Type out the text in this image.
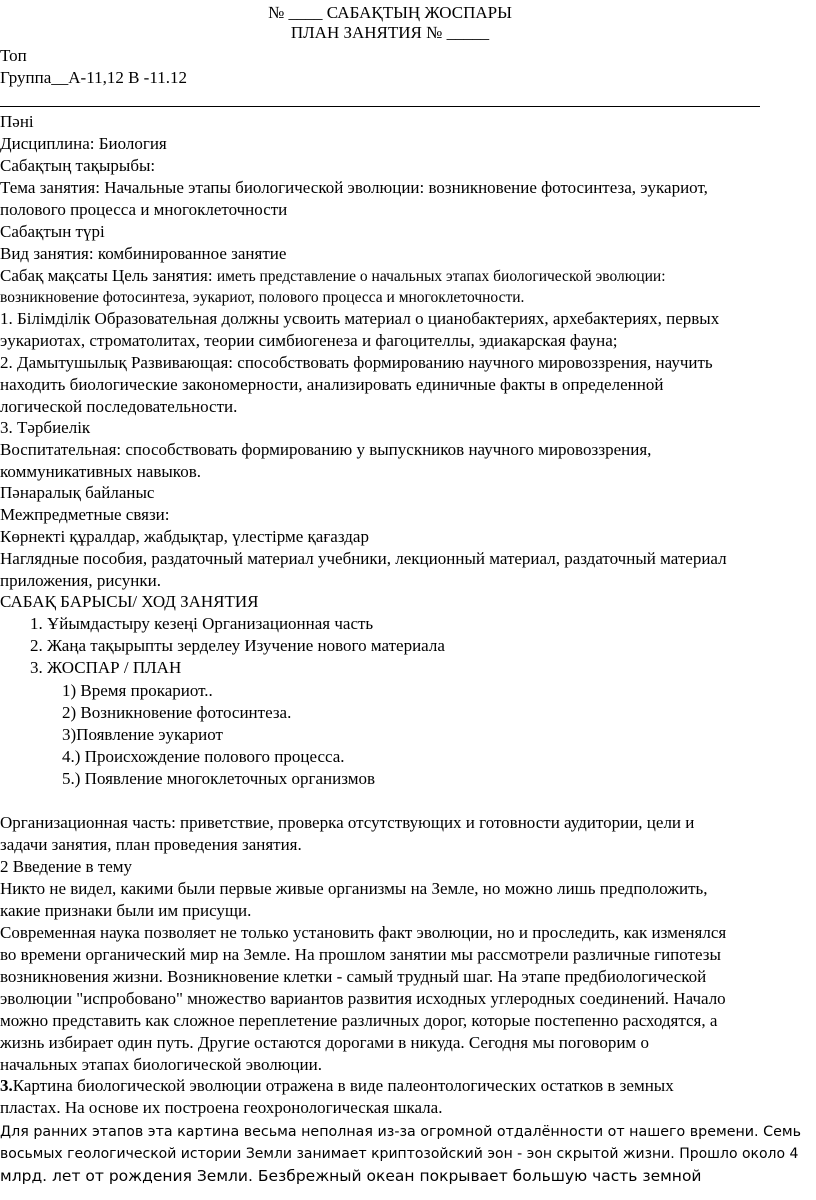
№ ____ САБАҚТЫҢ ЖОСПАРЫ
ПЛАН ЗАНЯТИЯ № _____
Топ
Группа__А-11,12 В -11.12
Пәні
Дисциплина: Биология
Сабақтың тақырыбы:
Тема занятия: Начальные этапы биологической эволюции: возникновение фотосинтеза, эукариот,
полового процесса и многоклеточности
Сабақтын түрі
Вид занятия: комбинированное занятие
Сабақ мақсаты Цель занятия: иметь представление о начальных этапах биологической эволюции:
возникновение фотосинтеза, эукариот, полового процесса и многоклеточности.
1. Білімділік Образовательная должны усвоить материал о цианобактериях, архебактериях, первых
эукариотах, строматолитах, теории симбиогенеза и фагоцителлы, эдиакарская фауна;
2. Дамытушылық Развивающая: способствовать формированию научного мировоззрения, научить
находить биологические закономерности, анализировать единичные факты в определенной
логической последовательности.
3. Тәрбиелік
Воспитательная: способствовать формированию у выпускников научного мировоззрения,
коммуникативных навыков.
Пәнаралық байланыс
Межпредметные связи:
Көрнекті құралдар, жабдықтар, үлестірме қағаздар
Наглядные пособия, раздаточный материал учебники, лекционный материал, раздаточный материал
приложения, рисунки.
САБАҚ БАРЫСЫ/ ХОД ЗАНЯТИЯ
1. Ұйымдастыру кезеңі Организационная часть
2. Жаңа тақырыпты зерделеу Изучение нового материала
3. ЖОСПАР / ПЛАН
1) Время прокариот..
2) Возникновение фотосинтеза.
3)Появление эукариот
4.) Происхождение полового процесса.
5.) Появление многоклеточных организмов
Организационная часть: приветствие, проверка отсутствующих и готовности аудитории, цели и
задачи занятия, план проведения занятия.
2 Введение в тему
Никто не видел, какими были первые живые организмы на Земле, но можно лишь предположить,
какие признаки были им присущи.
Современная наука позволяет не только установить факт эволюции, но и проследить, как изменялся
во времени органический мир на Земле. На прошлом занятии мы рассмотрели различные гипотезы
возникновения жизни. Возникновение клетки - самый трудный шаг. На этапе предбиологической
эволюции "испробовано" множество вариантов развития исходных углеродных соединений. Начало
можно представить как сложное переплетение различных дорог, которые постепенно расходятся, а
жизнь избирает один путь. Другие остаются дорогами в никуда. Сегодня мы поговорим о
начальных этапах биологической эволюции.
3.Картина биологической эволюции отражена в виде палеонтологических остатков в земных
пластах. На основе их построена геохронологическая шкала.
Для ранних этапов эта картина весьма неполная из-за огромной отдалённости от нашего времени. Семь
восьмых геологической истории Земли занимает криптозойский эон - эон скрытой жизни. Прошло около 4
млрд. лет от рождения Земли. Безбрежный океан покрывает большую часть земной
